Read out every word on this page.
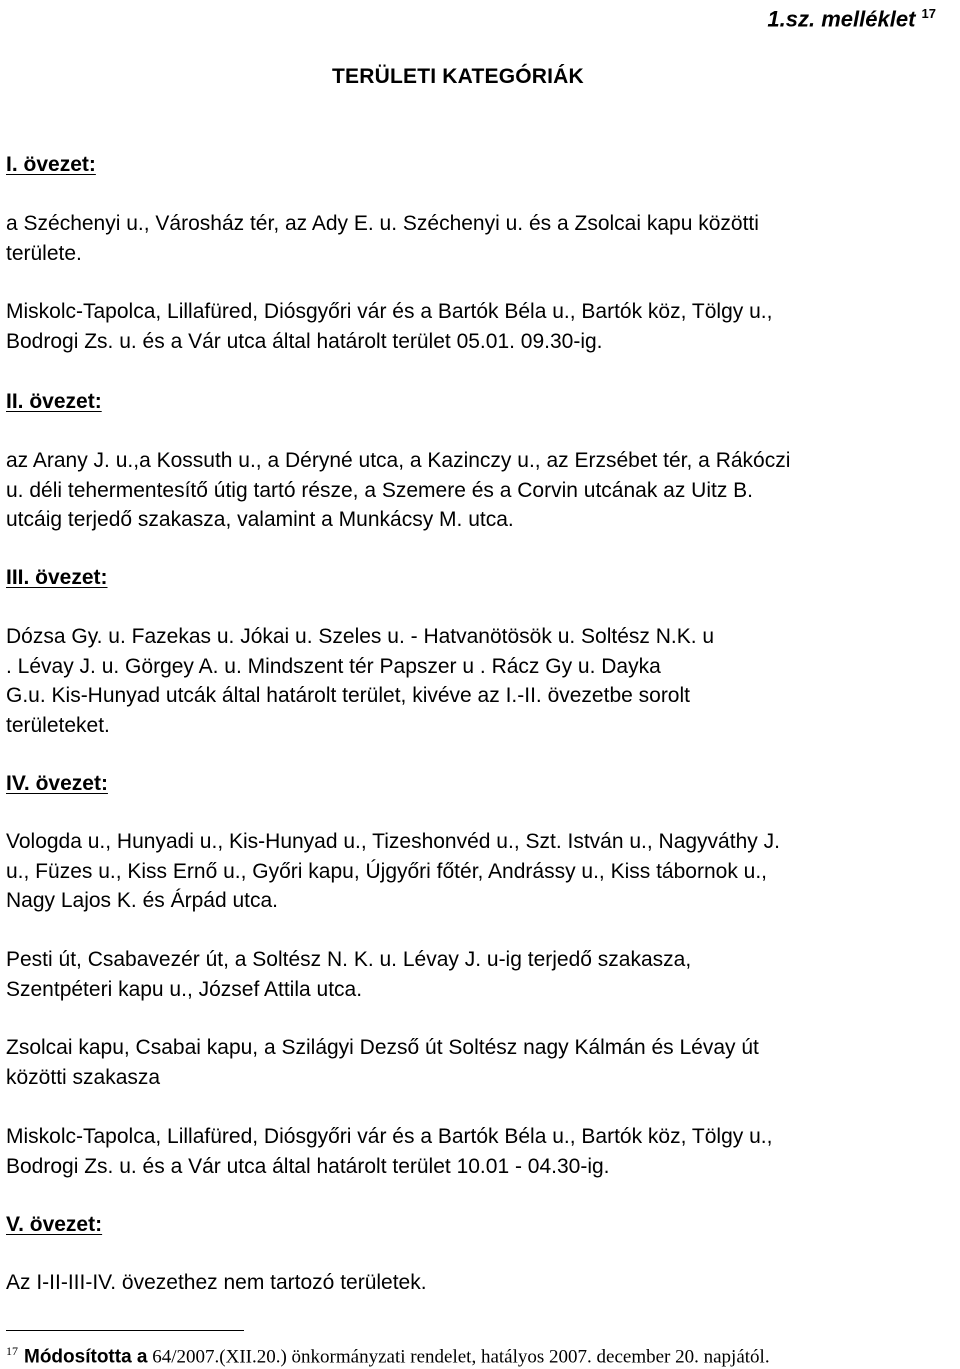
1.sz. melléklet $^{17}$
TERÜLETI KATEGÓRIÁK
I. övezet:
a Széchenyi u., Városház tér, az Ady E. u. Széchenyi u. és a Zsolcai kapu közötti
területe.
Miskolc-Tapolca, Lillafüred, Diósgyőri vár és a Bartók Béla u., Bartók köz, Tölgy u.,
Bodrogi Zs. u. és a Vár utca által határolt terület 05.01. 09.30-ig.
II. övezet:
az Arany J. u.,a Kossuth u., a Déryné utca, a Kazinczy u., az Erzsébet tér, a Rákóczi
u. déli tehermentesítő útig tartó része, a Szemere és a Corvin utcának az Uitz B.
utcáig terjedő szakasza, valamint a Munkácsy M. utca.
III. övezet:
Dózsa Gy. u. Fazekas u. Jókai u. Szeles u. - Hatvanötösök u. Soltész N.K. u
. Lévay J. u. Görgey A. u. Mindszent tér Papszer u . Rácz Gy u. Dayka
G.u. Kis-Hunyad utcák által határolt terület, kivéve az I.-II. övezetbe sorolt
területeket.
IV. övezet:
Vologda u., Hunyadi u., Kis-Hunyad u., Tizeshonvéd u., Szt. István u., Nagyváthy J.
u., Füzes u., Kiss Ernő u., Győri kapu, Újgyőri főtér, Andrássy u., Kiss tábornok u.,
Nagy Lajos K. és Árpád utca.
Pesti út, Csabavezér út, a Soltész N. K. u. Lévay J. u-ig terjedő szakasza,
Szentpéteri kapu u., József Attila utca.
Zsolcai kapu, Csabai kapu, a Szilágyi Dezső út Soltész nagy Kálmán és Lévay út
közötti szakasza
Miskolc-Tapolca, Lillafüred, Diósgyőri vár és a Bartók Béla u., Bartók köz, Tölgy u.,
Bodrogi Zs. u. és a Vár utca által határolt terület 10.01 - 04.30-ig.
V. övezet:
Az I-II-III-IV. övezethez nem tartozó területek.
$^{17}$ Módosította a 64/2007.(XII.20.) önkormányzati rendelet, hatályos 2007. december 20. napjától.
